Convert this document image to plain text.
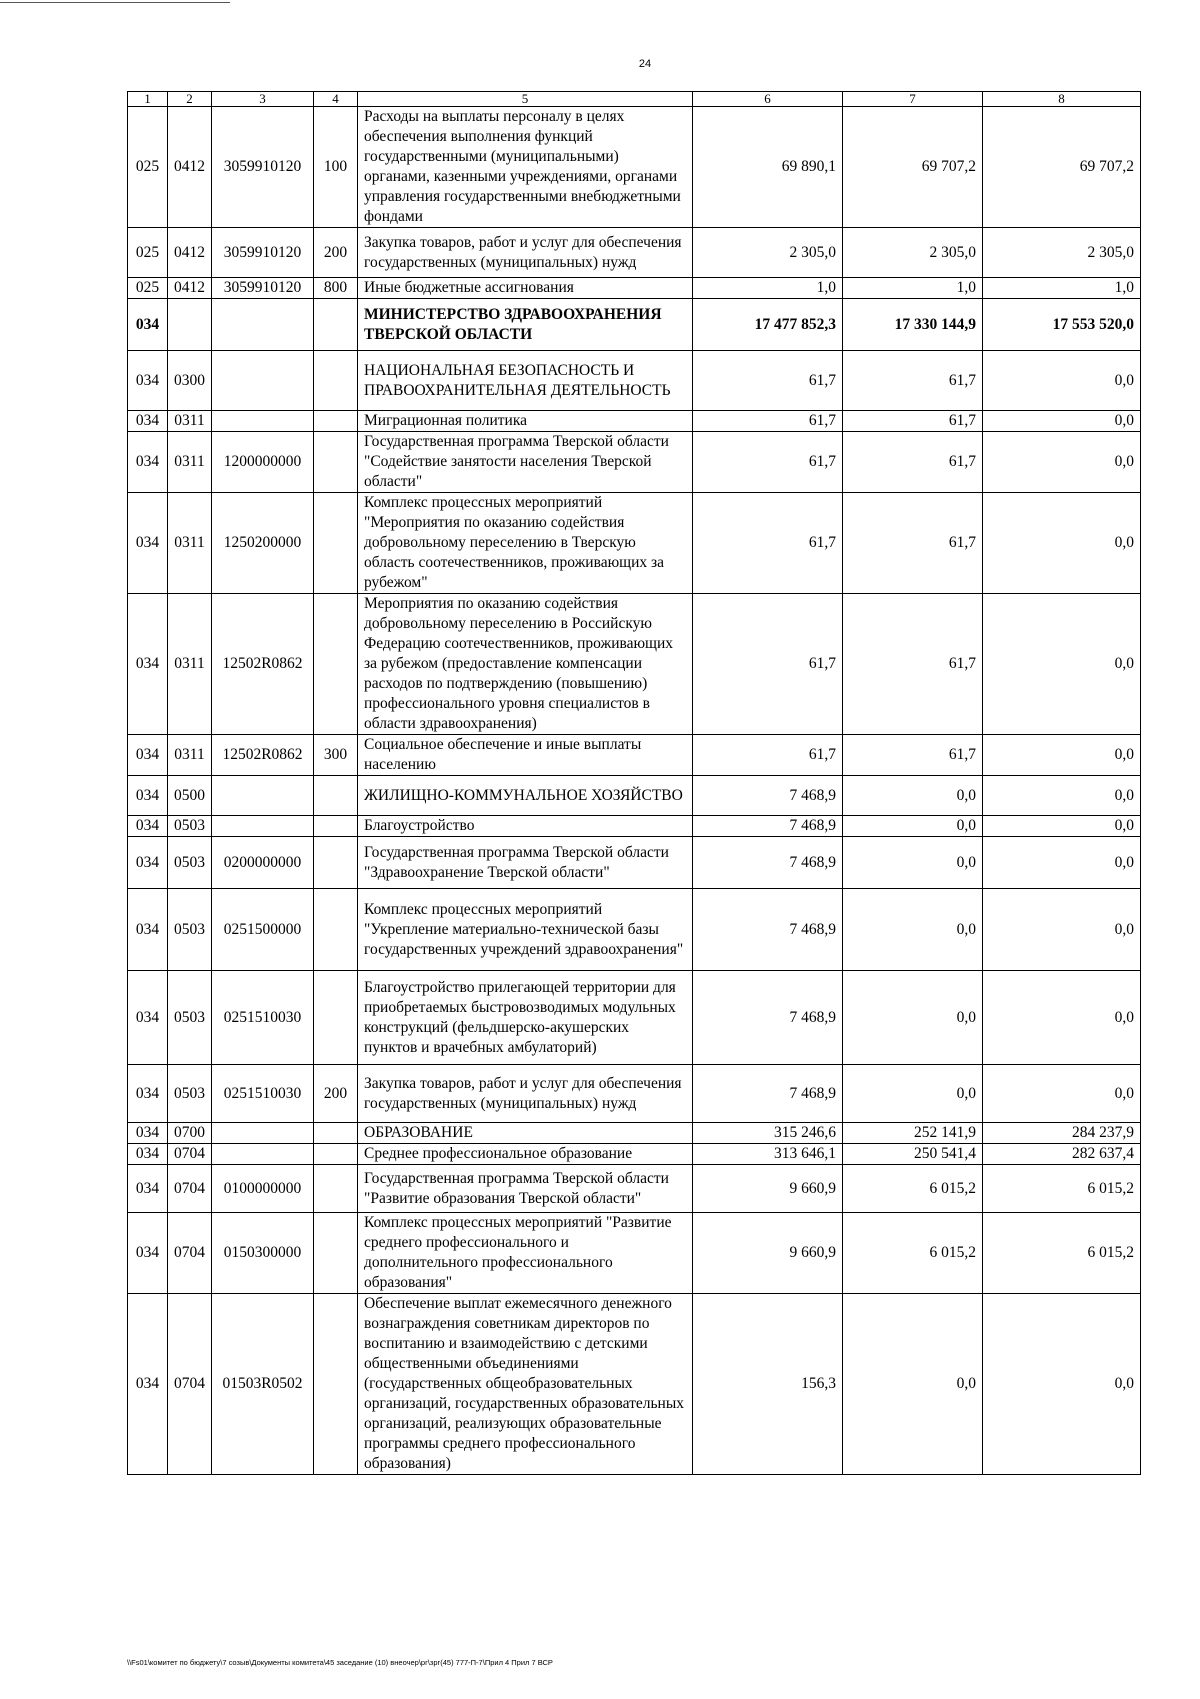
24
1	2	3	4	5	6	7	8
025	0412	3059910120	100	Расходы на выплаты персоналу в целях обеспечения выполнения функций государственными (муниципальными) органами, казенными учреждениями, органами управления государственными внебюджетными фондами	69 890,1	69 707,2	69 707,2
025	0412	3059910120	200	Закупка товаров, работ и услуг для обеспечения государственных (муниципальных) нужд	2 305,0	2 305,0	2 305,0
025	0412	3059910120	800	Иные бюджетные ассигнования	1,0	1,0	1,0
034				МИНИСТЕРСТВО ЗДРАВООХРАНЕНИЯ ТВЕРСКОЙ ОБЛАСТИ	17 477 852,3	17 330 144,9	17 553 520,0
034	0300			НАЦИОНАЛЬНАЯ БЕЗОПАСНОСТЬ И ПРАВООХРАНИТЕЛЬНАЯ ДЕЯТЕЛЬНОСТЬ	61,7	61,7	0,0
034	0311			Миграционная политика	61,7	61,7	0,0
034	0311	1200000000		Государственная программа Тверской области "Содействие занятости населения Тверской области"	61,7	61,7	0,0
034	0311	1250200000		Комплекс процессных мероприятий "Мероприятия по оказанию содействия добровольному переселению в Тверскую область соотечественников, проживающих за рубежом"	61,7	61,7	0,0
034	0311	12502R0862		Мероприятия по оказанию содействия добровольному переселению в Российскую Федерацию соотечественников, проживающих за рубежом (предоставление компенсации расходов по подтверждению (повышению) профессионального уровня специалистов в области здравоохранения)	61,7	61,7	0,0
034	0311	12502R0862	300	Социальное обеспечение и иные выплаты населению	61,7	61,7	0,0
034	0500			ЖИЛИЩНО-КОММУНАЛЬНОЕ ХОЗЯЙСТВО	7 468,9	0,0	0,0
034	0503			Благоустройство	7 468,9	0,0	0,0
034	0503	0200000000		Государственная программа Тверской области "Здравоохранение Тверской области"	7 468,9	0,0	0,0
034	0503	0251500000		Комплекс процессных мероприятий "Укрепление материально-технической базы государственных учреждений здравоохранения"	7 468,9	0,0	0,0
034	0503	0251510030		Благоустройство прилегающей территории для приобретаемых быстровозводимых модульных конструкций (фельдшерско-акушерских пунктов и врачебных амбулаторий)	7 468,9	0,0	0,0
034	0503	0251510030	200	Закупка товаров, работ и услуг для обеспечения государственных (муниципальных) нужд	7 468,9	0,0	0,0
034	0700			ОБРАЗОВАНИЕ	315 246,6	252 141,9	284 237,9
034	0704			Среднее профессиональное образование	313 646,1	250 541,4	282 637,4
034	0704	0100000000		Государственная программа Тверской области "Развитие образования Тверской области"	9 660,9	6 015,2	6 015,2
034	0704	0150300000		Комплекс процессных мероприятий "Развитие среднего профессионального и дополнительного профессионального образования"	9 660,9	6 015,2	6 015,2
034	0704	01503R0502		Обеспечение выплат ежемесячного денежного вознаграждения советникам директоров по воспитанию и взаимодействию с детскими общественными объединениями (государственных общеобразовательных организаций, государственных образовательных организаций, реализующих образовательные программы среднего профессионального образования)	156,3	0,0	0,0
\\Fs01\комитет по бюджету\7 созыв\Документы комитета\45 заседание (10) внеочер\рг\зрг(45) 777-П-7\Прил 4 Прил 7 ВСР
